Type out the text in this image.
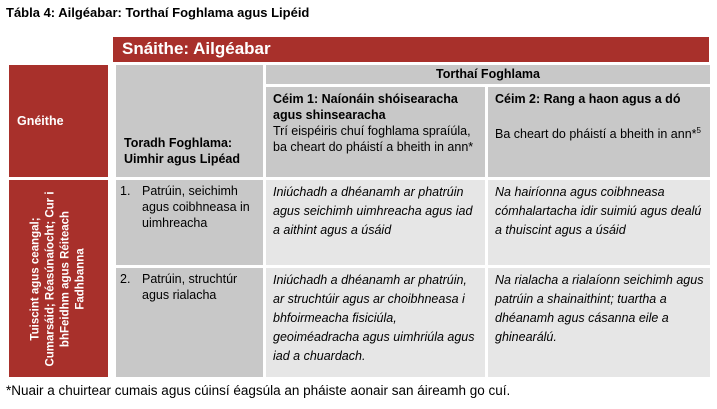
Tábla 4: Ailgéabar: Torthaí Foghlama agus Lipéid
Snáithe: Ailgéabar
Gnéithe
Tuiscint agus ceangal; Cumarsáid; Réasúnaíocht; Cur i bhFeidhm agus Réiteach Fadhbanna
Toradh Foghlama: Uimhir agus Lipéad
Torthaí Foghlama
Céim 1: Naíonáin shóisearacha agus shinsearacha
Trí eispéiris chuí foghlama spraíúla, ba cheart do pháistí a bheith in ann*
Céim 2: Rang a haon agus a dó
Ba cheart do pháistí a bheith in ann*$^5$
1. Patrúin, seichimh agus coibhneasa in uimhreacha
Iniúchadh a dhéanamh ar phatrúin agus seichimh uimhreacha agus iad a aithint agus a úsáid
Na hairíonna agus coibhneasa cómhalartacha idir suimiú agus dealú a thuiscint agus a úsáid
2. Patrúin, struchtúr agus rialacha
Iniúchadh a dhéanamh ar phatrúin, ar struchtúir agus ar choibhneasa i bhfoirmeacha fisiciúla, geoiméadracha agus uimhriúla agus iad a chuardach.
Na rialacha a rialaíonn seichimh agus patrúin a shainaithint; tuartha a dhéanamh agus cásanna eile a ghinearálú.
*Nuair a chuirtear cumais agus cúinsí éagsúla an pháiste aonair san áireamh go cuí.
